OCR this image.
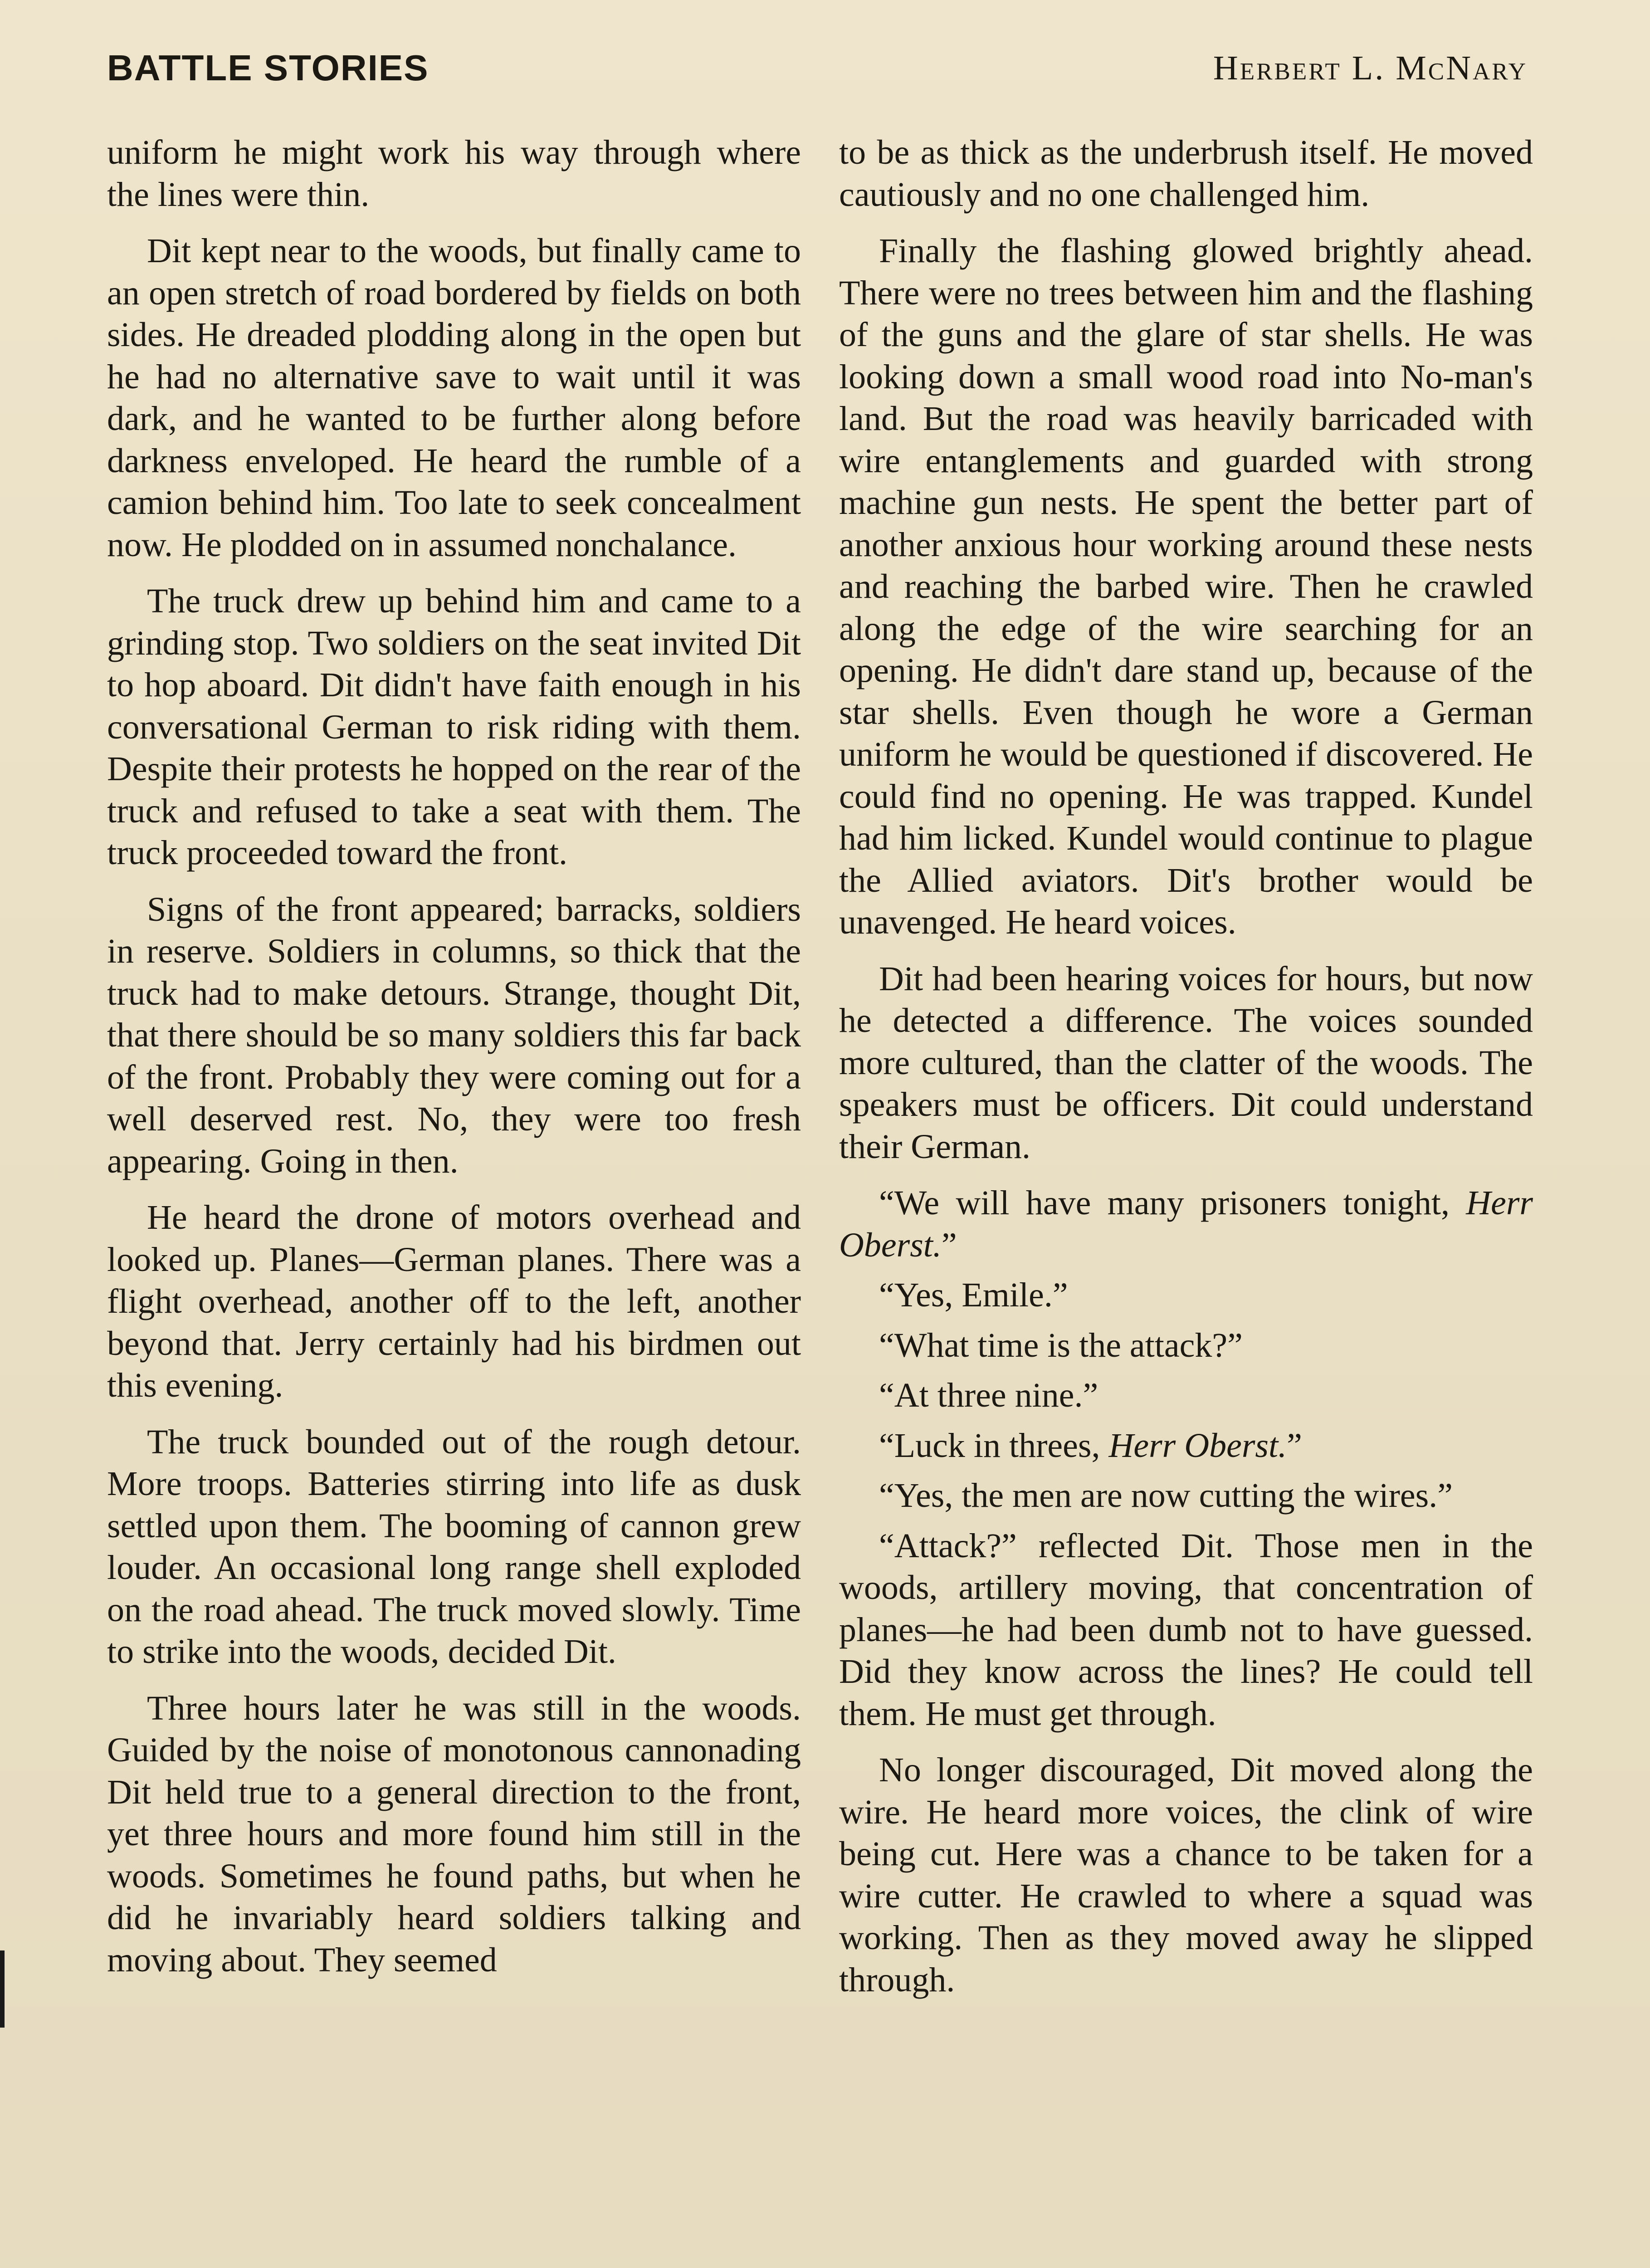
BATTLE STORIES	Herbert L. McNary

uniform he might work his way through where the lines were thin.

Dit kept near to the woods, but finally came to an open stretch of road bordered by fields on both sides. He dreaded plodding along in the open but he had no alternative save to wait until it was dark, and he wanted to be further along before darkness enveloped. He heard the rumble of a camion behind him. Too late to seek concealment now. He plodded on in assumed nonchalance.

The truck drew up behind him and came to a grinding stop. Two soldiers on the seat invited Dit to hop aboard. Dit didn't have faith enough in his conversational German to risk riding with them. Despite their protests he hopped on the rear of the truck and refused to take a seat with them. The truck proceeded toward the front.

Signs of the front appeared; barracks, soldiers in reserve. Soldiers in columns, so thick that the truck had to make detours. Strange, thought Dit, that there should be so many soldiers this far back of the front. Probably they were coming out for a well deserved rest. No, they were too fresh appearing. Going in then.

He heard the drone of motors overhead and looked up. Planes—German planes. There was a flight overhead, another off to the left, another beyond that. Jerry certainly had his birdmen out this evening.

The truck bounded out of the rough detour. More troops. Batteries stirring into life as dusk settled upon them. The booming of cannon grew louder. An occasional long range shell exploded on the road ahead. The truck moved slowly. Time to strike into the woods, decided Dit.

Three hours later he was still in the woods. Guided by the noise of monotonous cannonading Dit held true to a general direction to the front, yet three hours and more found him still in the woods. Sometimes he found paths, but when he did he invariably heard soldiers talking and moving about. They seemed

to be as thick as the underbrush itself. He moved cautiously and no one challenged him.

Finally the flashing glowed brightly ahead. There were no trees between him and the flashing of the guns and the glare of star shells. He was looking down a small wood road into No-man's land. But the road was heavily barricaded with wire entanglements and guarded with strong machine gun nests. He spent the better part of another anxious hour working around these nests and reaching the barbed wire. Then he crawled along the edge of the wire searching for an opening. He didn't dare stand up, because of the star shells. Even though he wore a German uniform he would be questioned if discovered. He could find no opening. He was trapped. Kundel had him licked. Kundel would continue to plague the Allied aviators. Dit's brother would be unavenged. He heard voices.

Dit had been hearing voices for hours, but now he detected a difference. The voices sounded more cultured, than the clatter of the woods. The speakers must be officers. Dit could understand their German.

“We will have many prisoners tonight, Herr Oberst.”

“Yes, Emile.”

“What time is the attack?”

“At three nine.”

“Luck in threes, Herr Oberst.”

“Yes, the men are now cutting the wires.”

“Attack?” reflected Dit. Those men in the woods, artillery moving, that concentration of planes—he had been dumb not to have guessed. Did they know across the lines? He could tell them. He must get through.

No longer discouraged, Dit moved along the wire. He heard more voices, the clink of wire being cut. Here was a chance to be taken for a wire cutter. He crawled to where a squad was working. Then as they moved away he slipped through.
